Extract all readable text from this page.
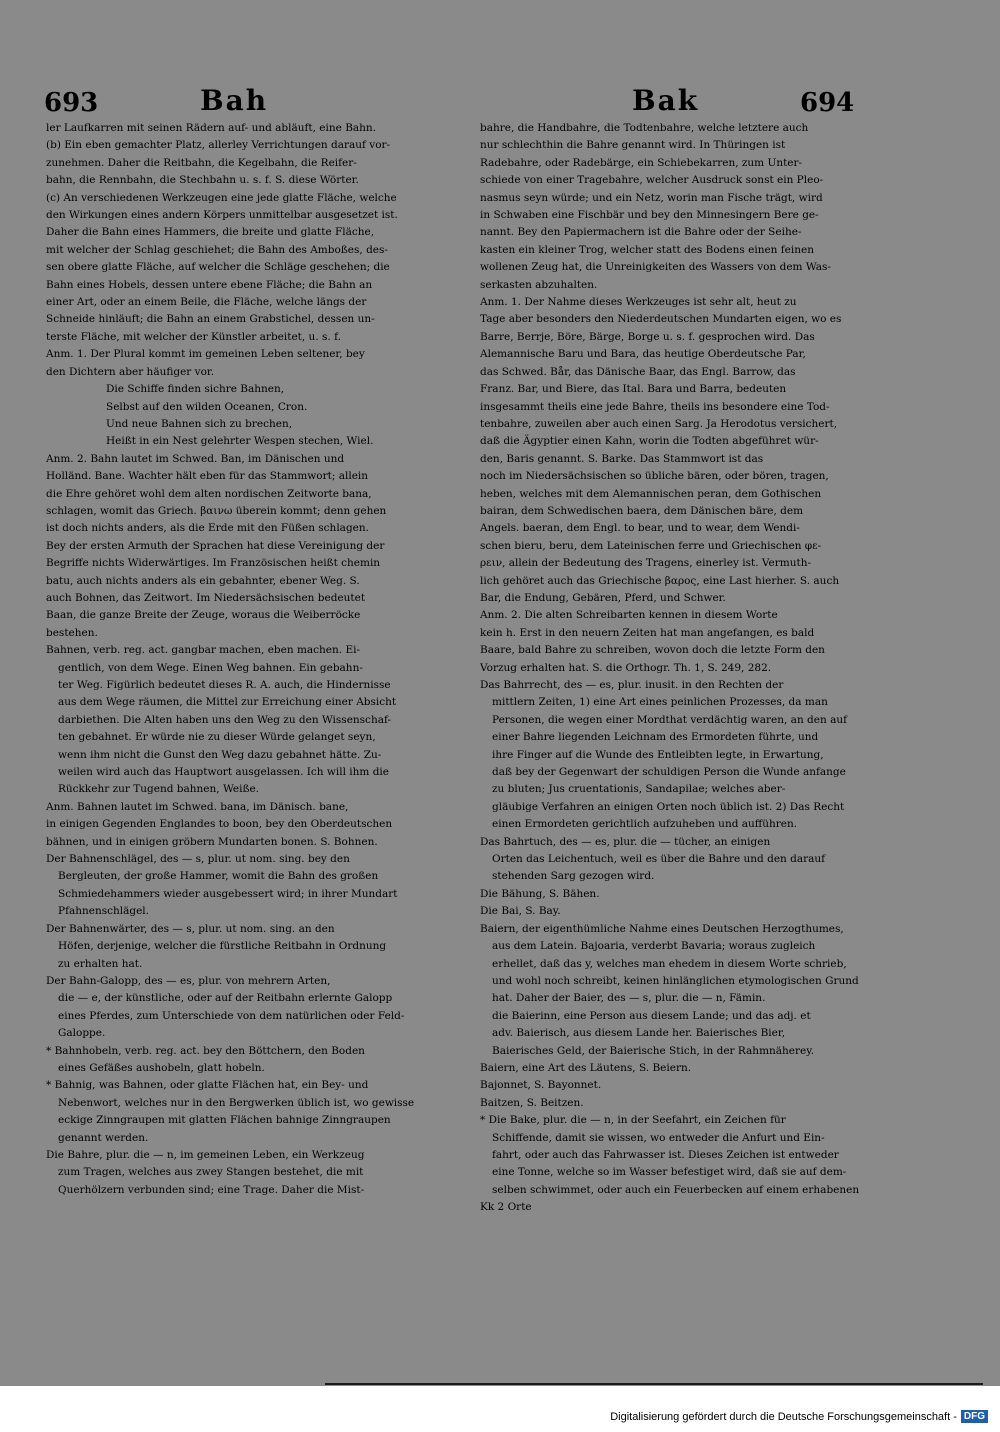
693	Bah	Bak	694
ler Laufkarren mit seinen Rädern auf- und abläuft, eine Bahn.
(b) Ein eben gemachter Platz, allerley Verrichtungen darauf vor-
zunehmen. Daher die Reitbahn, die Kegelbahn, die Reifer-
bahn, die Rennbahn, die Stechbahn u. s. f. S. diese Wörter.
(c) An verschiedenen Werkzeugen eine jede glatte Fläche, welche
den Wirkungen eines andern Körpers unmittelbar ausgesetzet ist.
Daher die Bahn eines Hammers, die breite und glatte Fläche,
mit welcher der Schlag geschiehet; die Bahn des Amboßes, des-
sen obere glatte Fläche, auf welcher die Schläge geschehen; die
Bahn eines Hobels, dessen untere ebene Fläche; die Bahn an
einer Art, oder an einem Beile, die Fläche, welche längs der
Schneide hinläuft; die Bahn an einem Grabstichel, dessen un-
terste Fläche, mit welcher der Künstler arbeitet, u. s. f.
Anm. 1. Der Plural kommt im gemeinen Leben seltener, bey
den Dichtern aber häufiger vor.
Die Schiffe finden sichre Bahnen,
Selbst auf den wilden Oceanen, Cron.
Und neue Bahnen sich zu brechen,
Heißt in ein Nest gelehrter Wespen stechen, Wiel.
Anm. 2. Bahn lautet im Schwed. Ban, im Dänischen und
Holländ. Bane. Wachter hält eben für das Stammwort; allein
die Ehre gehöret wohl dem alten nordischen Zeitworte bana,
schlagen, womit das Griech. βαινω überein kommt; denn gehen
ist doch nichts anders, als die Erde mit den Füßen schlagen.
Bey der ersten Armuth der Sprachen hat diese Vereinigung der
Begriffe nichts Widerwärtiges. Im Französischen heißt chemin
batu, auch nichts anders als ein gebahnter, ebener Weg. S.
auch Bohnen, das Zeitwort. Im Niedersächsischen bedeutet
Baan, die ganze Breite der Zeuge, woraus die Weiberröcke
bestehen.
Bahnen, verb. reg. act. gangbar machen, eben machen. Ei-
gentlich, von dem Wege. Einen Weg bahnen. Ein gebahn-
ter Weg. Figürlich bedeutet dieses R. A. auch, die Hindernisse
aus dem Wege räumen, die Mittel zur Erreichung einer Absicht
darbiethen. Die Alten haben uns den Weg zu den Wissenschaf-
ten gebahnet. Er würde nie zu dieser Würde gelanget seyn,
wenn ihm nicht die Gunst den Weg dazu gebahnet hätte. Zu-
weilen wird auch das Hauptwort ausgelassen. Ich will ihm die
Rückkehr zur Tugend bahnen, Weiße.
Anm. Bahnen lautet im Schwed. bana, im Dänisch. bane,
in einigen Gegenden Englandes to boon, bey den Oberdeutschen
bähnen, und in einigen gröbern Mundarten bonen. S. Bohnen.
Der Bahnenschlägel, des — s, plur. ut nom. sing. bey den
Bergleuten, der große Hammer, womit die Bahn des großen
Schmiedehammers wieder ausgebessert wird; in ihrer Mundart
Pfahnenschlägel.
Der Bahnenwärter, des — s, plur. ut nom. sing. an den
Höfen, derjenige, welcher die fürstliche Reitbahn in Ordnung
zu erhalten hat.
Der Bahn-Galopp, des — es, plur. von mehrern Arten,
die — e, der künstliche, oder auf der Reitbahn erlernte Galopp
eines Pferdes, zum Unterschiede von dem natürlichen oder Feld-
Galoppe.
* Bahnhobeln, verb. reg. act. bey den Böttchern, den Boden
eines Gefäßes aushobeln, glatt hobeln.
* Bahnig, was Bahnen, oder glatte Flächen hat, ein Bey- und
Nebenwort, welches nur in den Bergwerken üblich ist, wo gewisse
eckige Zinngraupen mit glatten Flächen bahnige Zinngraupen
genannt werden.
Die Bahre, plur. die — n, im gemeinen Leben, ein Werkzeug
zum Tragen, welches aus zwey Stangen bestehet, die mit
Querhölzern verbunden sind; eine Trage. Daher die Mist-
bahre, die Handbahre, die Todtenbahre, welche letztere auch
nur schlechthin die Bahre genannt wird. In Thüringen ist
Radebahre, oder Radebärge, ein Schiebekarren, zum Unter-
schiede von einer Tragebahre, welcher Ausdruck sonst ein Pleo-
nasmus seyn würde; und ein Netz, worin man Fische trägt, wird
in Schwaben eine Fischbär und bey den Minnesingern Bere ge-
nannt. Bey den Papiermachern ist die Bahre oder der Seihe-
kasten ein kleiner Trog, welcher statt des Bodens einen feinen
wollenen Zeug hat, die Unreinigkeiten des Wassers von dem Was-
serkasten abzuhalten.
Anm. 1. Der Nahme dieses Werkzeuges ist sehr alt, heut zu
Tage aber besonders den Niederdeutschen Mundarten eigen, wo es
Barre, Berrje, Böre, Bärge, Borge u. s. f. gesprochen wird. Das
Alemannische Baru und Bara, das heutige Oberdeutsche Par,
das Schwed. Bår, das Dänische Baar, das Engl. Barrow, das
Franz. Bar, und Biere, das Ital. Bara und Barra, bedeuten
insgesammt theils eine jede Bahre, theils ins besondere eine Tod-
tenbahre, zuweilen aber auch einen Sarg. Ja Herodotus versichert,
daß die Ägyptier einen Kahn, worin die Todten abgeführet wür-
den, Baris genannt. S. Barke. Das Stammwort ist das
noch im Niedersächsischen so übliche bären, oder bören, tragen,
heben, welches mit dem Alemannischen peran, dem Gothischen
bairan, dem Schwedischen baera, dem Dänischen bäre, dem
Angels. baeran, dem Engl. to bear, und to wear, dem Wendi-
schen bieru, beru, dem Lateinischen ferre und Griechischen φε-
ρειν, allein der Bedeutung des Tragens, einerley ist. Vermuth-
lich gehöret auch das Griechische βαρος, eine Last hierher. S. auch
Bar, die Endung, Gebären, Pferd, und Schwer.
Anm. 2. Die alten Schreibarten kennen in diesem Worte
kein h. Erst in den neuern Zeiten hat man angefangen, es bald
Baare, bald Bahre zu schreiben, wovon doch die letzte Form den
Vorzug erhalten hat. S. die Orthogr. Th. 1, S. 249, 282.
Das Bahrrecht, des — es, plur. inusit. in den Rechten der
mittlern Zeiten, 1) eine Art eines peinlichen Prozesses, da man
Personen, die wegen einer Mordthat verdächtig waren, an den auf
einer Bahre liegenden Leichnam des Ermordeten führte, und
ihre Finger auf die Wunde des Entleibten legte, in Erwartung,
daß bey der Gegenwart der schuldigen Person die Wunde anfange
zu bluten; Jus cruentationis, Sandapilae; welches aber-
gläubige Verfahren an einigen Orten noch üblich ist. 2) Das Recht
einen Ermordeten gerichtlich aufzuheben und aufführen.
Das Bahrtuch, des — es, plur. die — tücher, an einigen
Orten das Leichentuch, weil es über die Bahre und den darauf
stehenden Sarg gezogen wird.
Die Bähung, S. Bähen.
Die Bai, S. Bay.
Baiern, der eigenthümliche Nahme eines Deutschen Herzogthumes,
aus dem Latein. Bajoaria, verderbt Bavaria; woraus zugleich
erhellet, daß das y, welches man ehedem in diesem Worte schrieb,
und wohl noch schreibt, keinen hinlänglichen etymologischen Grund
hat. Daher der Baier, des — s, plur. die — n, Fämin.
die Baierinn, eine Person aus diesem Lande; und das adj. et
adv. Baierisch, aus diesem Lande her. Baierisches Bier,
Baierisches Geld, der Baierische Stich, in der Rahmnäherey.
Baiern, eine Art des Läutens, S. Beiern.
Bajonnet, S. Bayonnet.
Baitzen, S. Beitzen.
* Die Bake, plur. die — n, in der Seefahrt, ein Zeichen für
Schiffende, damit sie wissen, wo entweder die Anfurt und Ein-
fahrt, oder auch das Fahrwasser ist. Dieses Zeichen ist entweder
eine Tonne, welche so im Wasser befestiget wird, daß sie auf dem-
selben schwimmet, oder auch ein Feuerbecken auf einem erhabenen
Kk 2 Orte
Digitalisierung gefördert durch die Deutsche Forschungsgemeinschaft - DFG
